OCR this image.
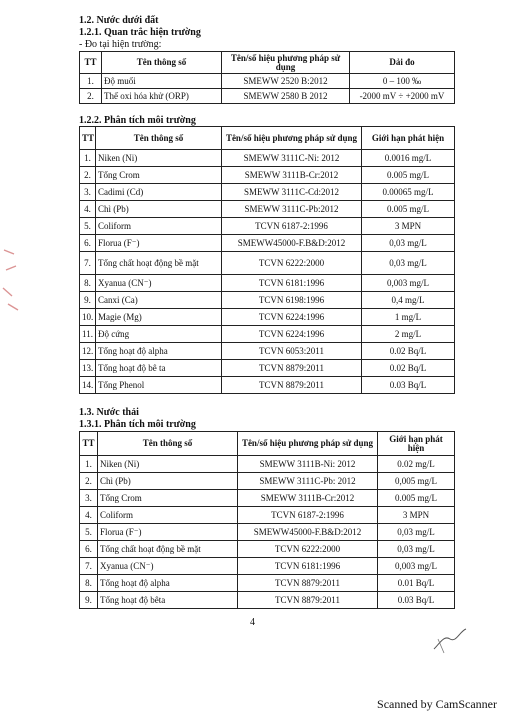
1.2. Nước dưới đất
1.2.1. Quan trắc hiện trường
- Đo tại hiện trường:
TT	Tên thông số	Tên/số hiệu phương pháp sử dụng	Dải đo
1.	Độ muối	SMEWW 2520 B:2012	0 – 100 ‰
2.	Thế oxi hóa khử (ORP)	SMEWW 2580 B 2012	-2000 mV ÷ +2000 mV
1.2.2. Phân tích môi trường
TT	Tên thông số	Tên/số hiệu phương pháp sử dụng	Giới hạn phát hiện
1.	Niken (Ni)	SMEWW 3111C-Ni: 2012	0.0016 mg/L
2.	Tổng Crom	SMEWW 3111B-Cr:2012	0.005 mg/L
3.	Cadimi (Cd)	SMEWW 3111C-Cd:2012	0.00065 mg/L
4.	Chì (Pb)	SMEWW 3111C-Pb:2012	0.005 mg/L
5.	Coliform	TCVN 6187-2:1996	3 MPN
6.	Florua (F⁻)	SMEWW45000-F.B&D:2012	0,03 mg/L
7.	Tổng chất hoạt động bề mặt	TCVN 6222:2000	0,03 mg/L
8.	Xyanua (CN⁻)	TCVN 6181:1996	0,003 mg/L
9.	Canxi (Ca)	TCVN 6198:1996	0,4 mg/L
10.	Magie (Mg)	TCVN 6224:1996	1 mg/L
11.	Độ cứng	TCVN 6224:1996	2 mg/L
12.	Tổng hoạt độ alpha	TCVN 6053:2011	0.02 Bq/L
13.	Tổng hoạt độ bê ta	TCVN 8879:2011	0.02 Bq/L
14.	Tổng Phenol	TCVN 8879:2011	0.03 Bq/L
1.3. Nước thải
1.3.1. Phân tích môi trường
TT	Tên thông số	Tên/số hiệu phương pháp sử dụng	Giới hạn phát hiện
1.	Niken (Ni)	SMEWW 3111B-Ni: 2012	0.02 mg/L
2.	Chì (Pb)	SMEWW 3111C-Pb: 2012	0,005 mg/L
3.	Tổng Crom	SMEWW 3111B-Cr:2012	0.005 mg/L
4.	Coliform	TCVN 6187-2:1996	3 MPN
5.	Florua (F⁻)	SMEWW45000-F.B&D:2012	0,03 mg/L
6.	Tổng chất hoạt động bề mặt	TCVN 6222:2000	0,03 mg/L
7.	Xyanua (CN⁻)	TCVN 6181:1996	0,003 mg/L
8.	Tổng hoạt độ alpha	TCVN 8879:2011	0.01 Bq/L
9.	Tổng hoạt độ bêta	TCVN 8879:2011	0.03 Bq/L
4
Scanned by CamScanner
